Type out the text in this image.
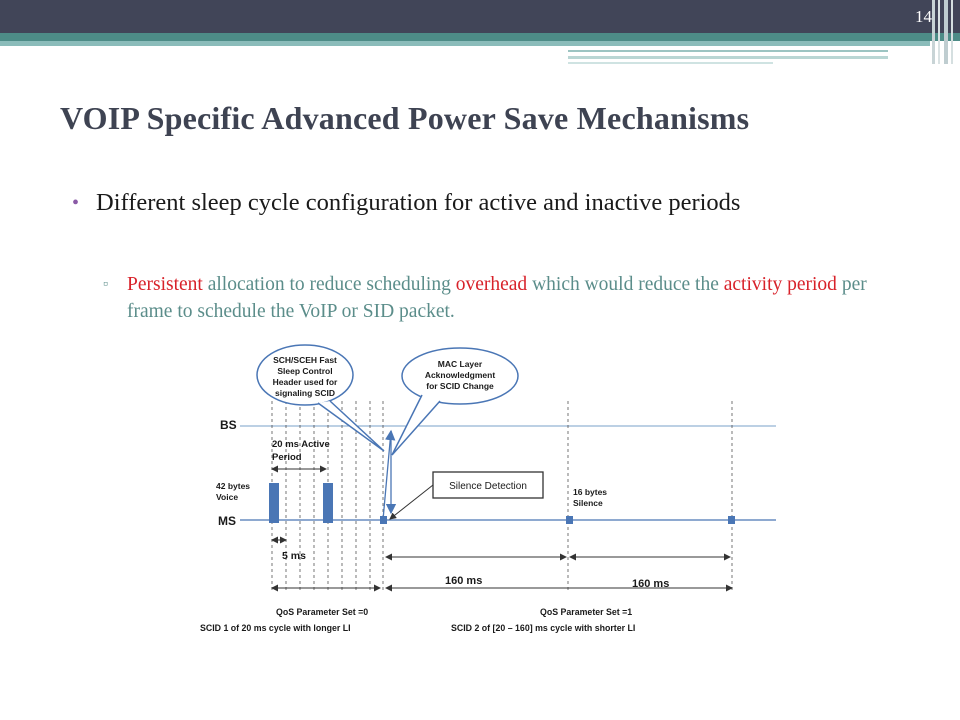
14
VOIP Specific Advanced Power Save Mechanisms
• Different sleep cycle configuration for active and inactive periods
▫ Persistent allocation to reduce scheduling overhead which would reduce the activity period per frame to schedule the VoIP or SID packet.
SCH/SCEH Fast
Sleep Control
Header used for
signaling SCID
MAC Layer
Acknowledgment
for SCID Change
Silence Detection
BS
MS
20 ms Active
Period
42 bytes
Voice	16 bytes
Silence
5 ms
160 ms	160 ms
QoS Parameter Set =0
SCID 1 of 20 ms cycle with longer LI
QoS Parameter Set =1
SCID 2 of [20 – 160] ms cycle with shorter LI
